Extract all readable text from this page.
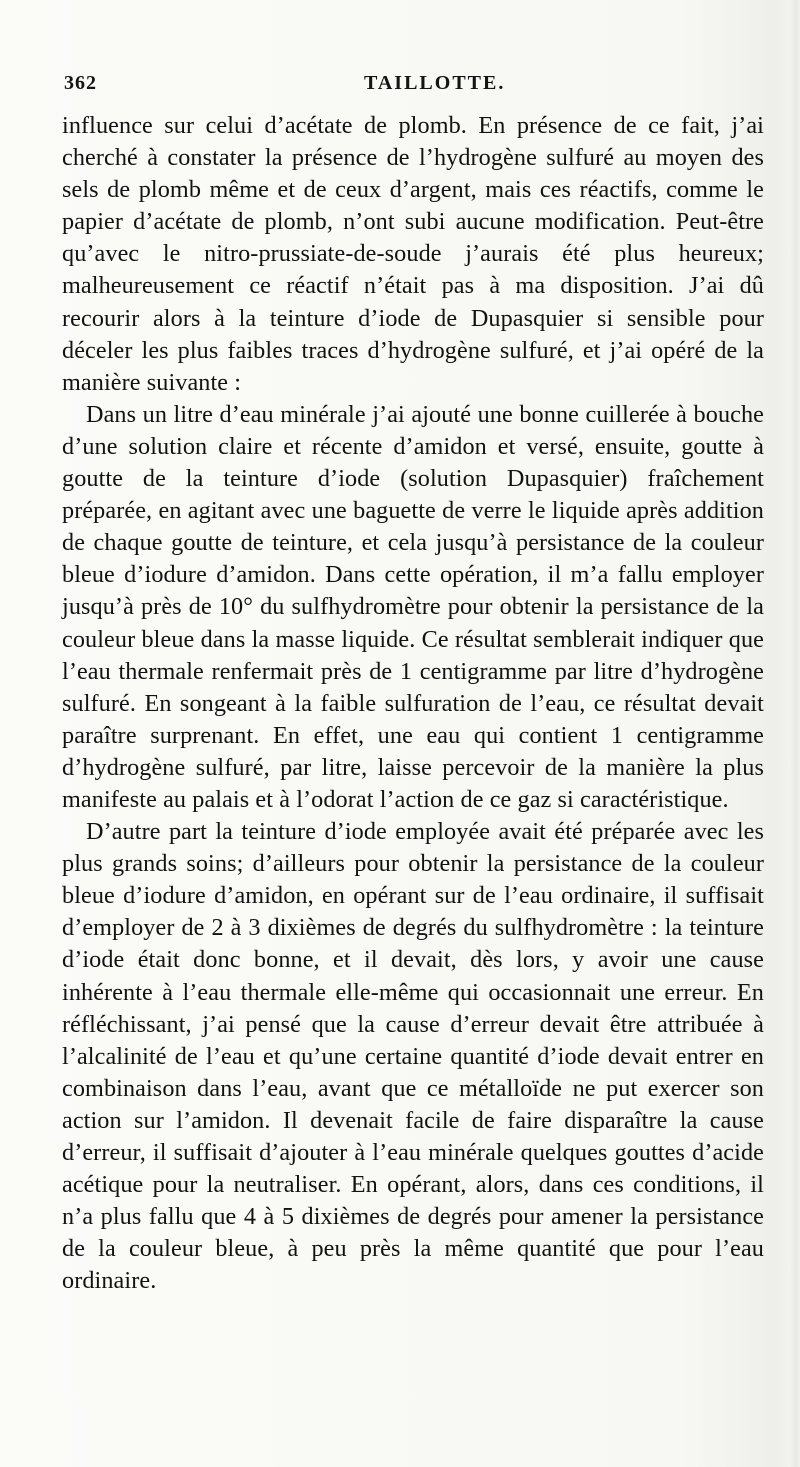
362	TAILLOTTE.

influence sur celui d’acétate de plomb. En présence de ce fait, j’ai cherché à constater la présence de l’hydrogène sulfuré au moyen des sels de plomb même et de ceux d’argent, mais ces réactifs, comme le papier d’acétate de plomb, n’ont subi aucune modification. Peut-être qu’avec le nitro-prussiate-de-soude j’aurais été plus heureux; malheureusement ce réactif n’était pas à ma disposition. J’ai dû recourir alors à la teinture d’iode de Dupasquier si sensible pour déceler les plus faibles traces d’hydrogène sulfuré, et j’ai opéré de la manière suivante :

Dans un litre d’eau minérale j’ai ajouté une bonne cuillerée à bouche d’une solution claire et récente d’amidon et versé, ensuite, goutte à goutte de la teinture d’iode (solution Dupasquier) fraîchement préparée, en agitant avec une baguette de verre le liquide après addition de chaque goutte de teinture, et cela jusqu’à persistance de la couleur bleue d’iodure d’amidon. Dans cette opération, il m’a fallu employer jusqu’à près de 10° du sulfhydromètre pour obtenir la persistance de la couleur bleue dans la masse liquide. Ce résultat semblerait indiquer que l’eau thermale renfermait près de 1 centigramme par litre d’hydrogène sulfuré. En songeant à la faible sulfuration de l’eau, ce résultat devait paraître surprenant. En effet, une eau qui contient 1 centigramme d’hydrogène sulfuré, par litre, laisse percevoir de la manière la plus manifeste au palais et à l’odorat l’action de ce gaz si caractéristique.

D’autre part la teinture d’iode employée avait été préparée avec les plus grands soins; d’ailleurs pour obtenir la persistance de la couleur bleue d’iodure d’amidon, en opérant sur de l’eau ordinaire, il suffisait d’employer de 2 à 3 dixièmes de degrés du sulfhydromètre : la teinture d’iode était donc bonne, et il devait, dès lors, y avoir une cause inhérente à l’eau thermale elle-même qui occasionnait une erreur. En réfléchissant, j’ai pensé que la cause d’erreur devait être attribuée à l’alcalinité de l’eau et qu’une certaine quantité d’iode devait entrer en combinaison dans l’eau, avant que ce métalloïde ne put exercer son action sur l’amidon. Il devenait facile de faire disparaître la cause d’erreur, il suffisait d’ajouter à l’eau minérale quelques gouttes d’acide acétique pour la neutraliser. En opérant, alors, dans ces conditions, il n’a plus fallu que 4 à 5 dixièmes de degrés pour amener la persistance de la couleur bleue, à peu près la même quantité que pour l’eau ordinaire.
